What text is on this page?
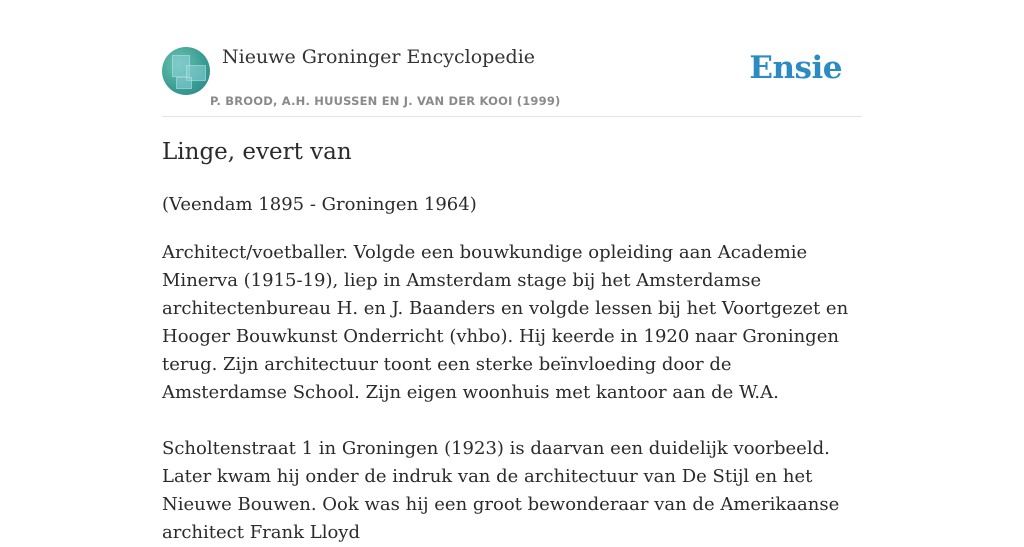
Nieuwe Groninger Encyclopedie
P. BROOD, A.H. HUUSSEN EN J. VAN DER KOOI (1999)
Ensie
Linge, evert van

(Veendam 1895 - Groningen 1964)

Architect/voetballer. Volgde een bouwkundige opleiding aan Academie Minerva (1915-19), liep in Amsterdam stage bij het Amsterdamse architectenbureau H. en J. Baanders en volgde lessen bij het Voortgezet en Hooger Bouwkunst Onderricht (vhbo). Hij keerde in 1920 naar Groningen terug. Zijn architectuur toont een sterke beïnvloeding door de Amsterdamse School. Zijn eigen woonhuis met kantoor aan de W.A.

Scholtenstraat 1 in Groningen (1923) is daarvan een duidelijk voorbeeld. Later kwam hij onder de indruk van de architectuur van De Stijl en het Nieuwe Bouwen. Ook was hij een groot bewonderaar van de Amerikaanse architect Frank Lloyd
